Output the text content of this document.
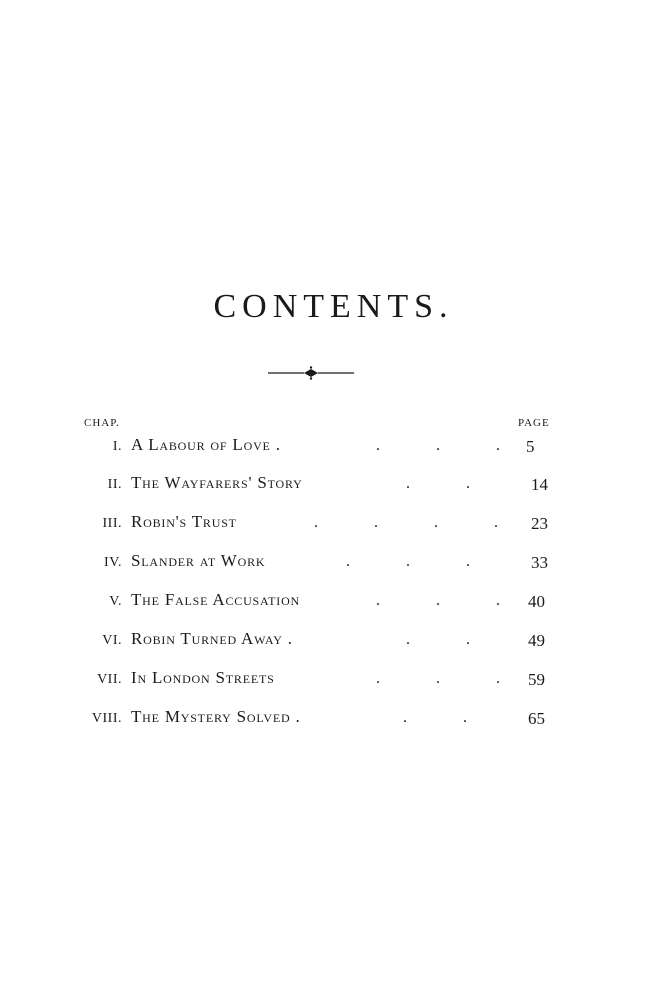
CONTENTS.
CHAP.	PAGE
I. A Labour of Love .	.	.	. 5
II. The Wayfarers' Story	.	.	14
III. Robin's Trust	.	.	.	. 23
IV. Slander at Work	.	.	.	33
V. The False Accusation	.	.	. 40
VI. Robin Turned Away .	.	.	49
VII. In London Streets	.	.	. 59
VIII. The Mystery Solved .	.	.	65
